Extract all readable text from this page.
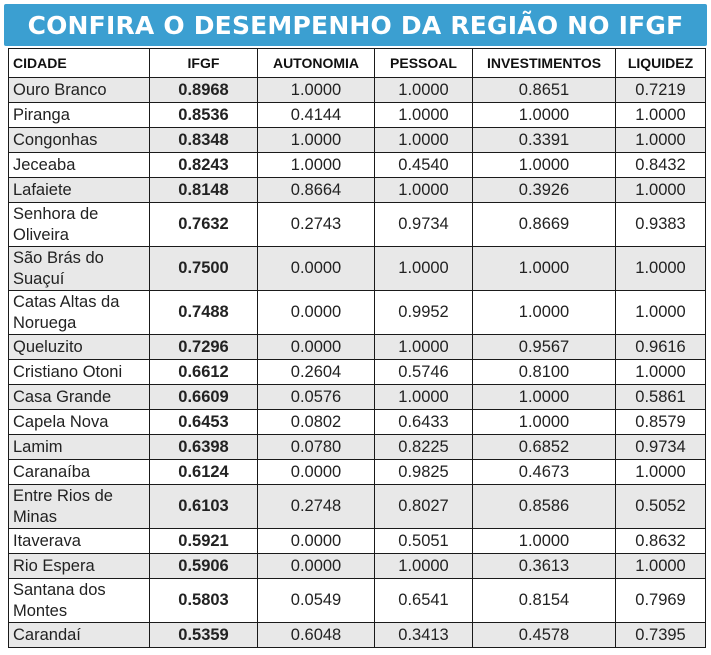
CONFIRA O DESEMPENHO DA REGIÃO NO IFGF
CIDADE	IFGF	AUTONOMIA	PESSOAL	INVESTIMENTOS	LIQUIDEZ
Ouro Branco	0.8968	1.0000	1.0000	0.8651	0.7219
Piranga	0.8536	0.4144	1.0000	1.0000	1.0000
Congonhas	0.8348	1.0000	1.0000	0.3391	1.0000
Jeceaba	0.8243	1.0000	0.4540	1.0000	0.8432
Lafaiete	0.8148	0.8664	1.0000	0.3926	1.0000
Senhora de
Oliveira	0.7632	0.2743	0.9734	0.8669	0.9383
São Brás do
Suaçuí	0.7500	0.0000	1.0000	1.0000	1.0000
Catas Altas da
Noruega	0.7488	0.0000	0.9952	1.0000	1.0000
Queluzito	0.7296	0.0000	1.0000	0.9567	0.9616
Cristiano Otoni	0.6612	0.2604	0.5746	0.8100	1.0000
Casa Grande	0.6609	0.0576	1.0000	1.0000	0.5861
Capela Nova	0.6453	0.0802	0.6433	1.0000	0.8579
Lamim	0.6398	0.0780	0.8225	0.6852	0.9734
Caranaíba	0.6124	0.0000	0.9825	0.4673	1.0000
Entre Rios de
Minas	0.6103	0.2748	0.8027	0.8586	0.5052
Itaverava	0.5921	0.0000	0.5051	1.0000	0.8632
Rio Espera	0.5906	0.0000	1.0000	0.3613	1.0000
Santana dos
Montes	0.5803	0.0549	0.6541	0.8154	0.7969
Carandaí	0.5359	0.6048	0.3413	0.4578	0.7395
